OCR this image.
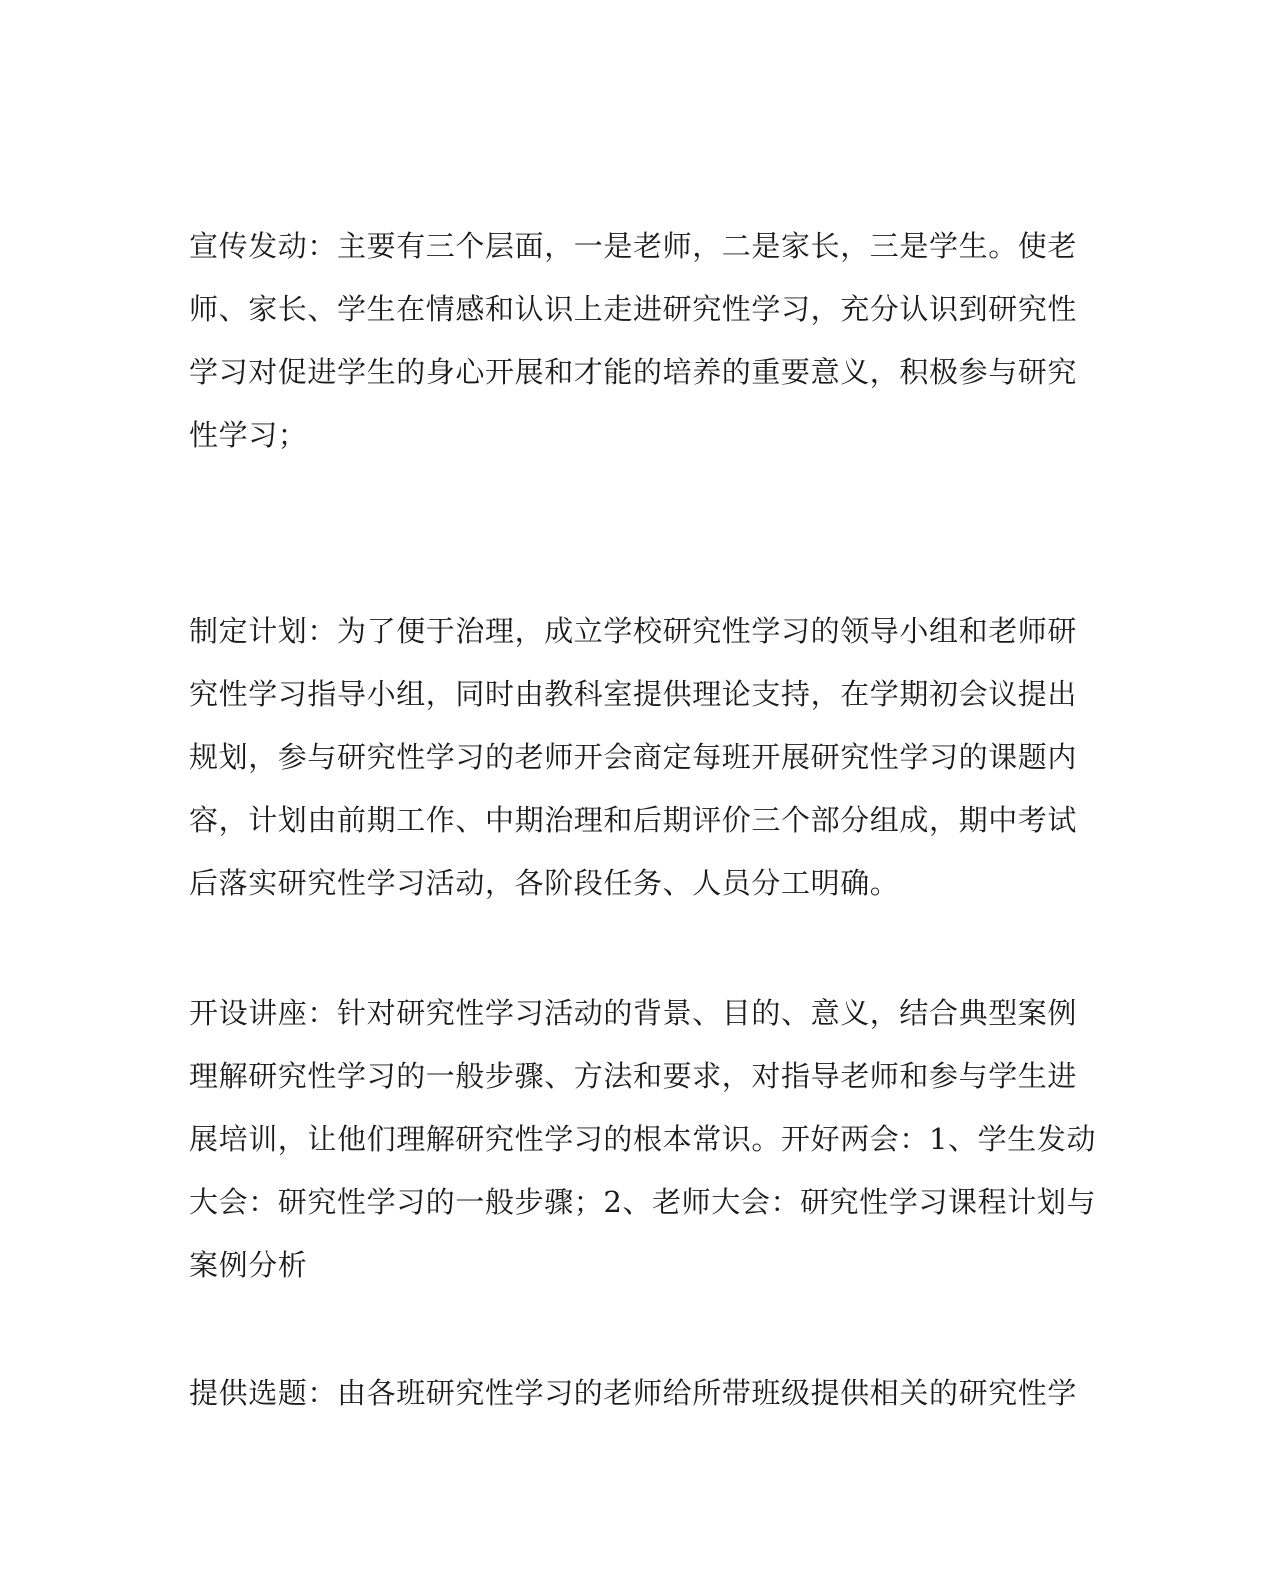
宣传发动：主要有三个层面，一是老师，二是家长，三是学生。使老
师、家长、学生在情感和认识上走进研究性学习，充分认识到研究性
学习对促进学生的身心开展和才能的培养的重要意义，积极参与研究
性学习；

制定计划：为了便于治理，成立学校研究性学习的领导小组和老师研
究性学习指导小组，同时由教科室提供理论支持，在学期初会议提出
规划，参与研究性学习的老师开会商定每班开展研究性学习的课题内
容，计划由前期工作、中期治理和后期评价三个部分组成，期中考试
后落实研究性学习活动，各阶段任务、人员分工明确。

开设讲座：针对研究性学习活动的背景、目的、意义，结合典型案例
理解研究性学习的一般步骤、方法和要求，对指导老师和参与学生进
展培训，让他们理解研究性学习的根本常识。开好两会：1、学生发动
大会：研究性学习的一般步骤；2、老师大会：研究性学习课程计划与
案例分析

提供选题：由各班研究性学习的老师给所带班级提供相关的研究性学
